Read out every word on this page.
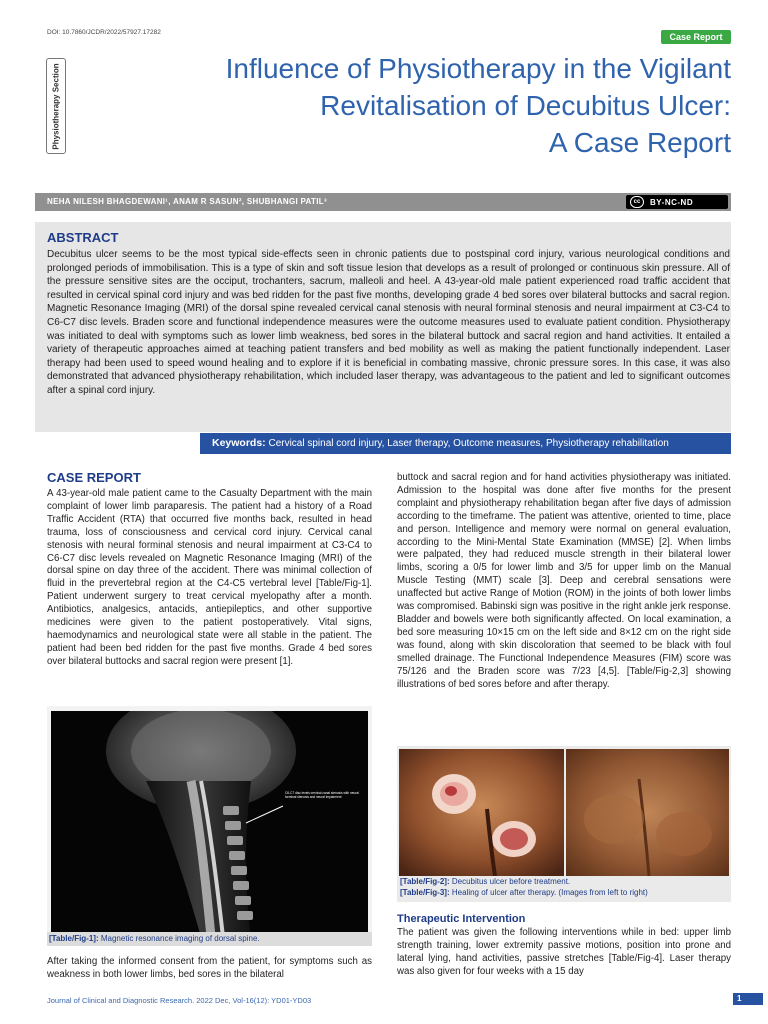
DOI: 10.7860/JCDR/2022/57927.17282	Case Report
Physiotherapy Section	Influence of Physiotherapy in the Vigilant
Revitalisation of Decubitus Ulcer:
A Case Report
NEHA NILESH BHAGDEWANI¹, ANAM R SASUN², SHUBHANGI PATIL³	cc	BY-NC-ND
ABSTRACT
Decubitus ulcer seems to be the most typical side-effects seen in chronic patients due to postspinal cord injury, various neurological conditions and prolonged periods of immobilisation. This is a type of skin and soft tissue lesion that develops as a result of prolonged or continuous skin pressure. All of the pressure sensitive sites are the occiput, trochanters, sacrum, malleoli and heel. A 43-year-old male patient experienced road traffic accident that resulted in cervical spinal cord injury and was bed ridden for the past five months, developing grade 4 bed sores over bilateral buttocks and sacral region. Magnetic Resonance Imaging (MRI) of the dorsal spine revealed cervical canal stenosis with neural forminal stenosis and neural impairment at C3-C4 to C6-C7 disc levels. Braden score and functional independence measures were the outcome measures used to evaluate patient condition. Physiotherapy was initiated to deal with symptoms such as lower limb weakness, bed sores in the bilateral buttock and sacral region and hand activities. It entailed a variety of therapeutic approaches aimed at teaching patient transfers and bed mobility as well as making the patient functionally independent. Laser therapy had been used to speed wound healing and to explore if it is beneficial in combating massive, chronic pressure sores. In this case, it was also demonstrated that advanced physiotherapy rehabilitation, which included laser therapy, was advantageous to the patient and led to significant outcomes after a spinal cord injury.
Keywords: Cervical spinal cord injury, Laser therapy, Outcome measures, Physiotherapy rehabilitation
CASE REPORT

A 43-year-old male patient came to the Casualty Department with the main complaint of lower limb paraparesis. The patient had a history of a Road Traffic Accident (RTA) that occurred five months back, resulted in head trauma, loss of consciousness and cervical cord injury. Cervical canal stenosis with neural forminal stenosis and neural impairment at C3-C4 to C6-C7 disc levels revealed on Magnetic Resonance Imaging (MRI) of the dorsal spine on day three of the accident. There was minimal collection of fluid in the prevertebral region at the C4-C5 vertebral level [Table/Fig-1]. Patient underwent surgery to treat cervical myelopathy after a month. Antibiotics, analgesics, antacids, antiepileptics, and other supportive medicines were given to the patient postoperatively. Vital signs, haemodynamics and neurological state were all stable in the patient. The patient had been bed ridden for the past five months. Grade 4 bed sores over bilateral buttocks and sacral region were present [1].

C6-C7 disc levels cervical canal stenosis with neural forminal stenosis and neural impairment
[Table/Fig-1]: Magnetic resonance imaging of dorsal spine.

After taking the informed consent from the patient, for symptoms such as weakness in both lower limbs, bed sores in the bilateral

buttock and sacral region and for hand activities physiotherapy was initiated. Admission to the hospital was done after five months for the present complaint and physiotherapy rehabilitation began after five days of admission according to the timeframe. The patient was attentive, oriented to time, place and person. Intelligence and memory were normal on general evaluation, according to the Mini-Mental State Examination (MMSE) [2]. When limbs were palpated, they had reduced muscle strength in their bilateral lower limbs, scoring a 0/5 for lower limb and 3/5 for upper limb on the Manual Muscle Testing (MMT) scale [3]. Deep and cerebral sensations were unaffected but active Range of Motion (ROM) in the joints of both lower limbs was compromised. Babinski sign was positive in the right ankle jerk response. Bladder and bowels were both significantly affected. On local examination, a bed sore measuring 10×15 cm on the left side and 8×12 cm on the right side was found, along with skin discoloration that seemed to be black with foul smelled drainage. The Functional Independence Measures (FIM) score was 75/126 and the Braden score was 7/23 [4,5]. [Table/Fig-2,3] showing illustrations of bed sores before and after therapy.

[Table/Fig-2]: Decubitus ulcer before treatment.
[Table/Fig-3]: Healing of ulcer after therapy. (Images from left to right)
Therapeutic Intervention

The patient was given the following interventions while in bed: upper limb strength training, lower extremity passive motions, position into prone and lateral lying, hand activities, passive stretches [Table/Fig-4]. Laser therapy was also given for four weeks with a 15 day

Journal of Clinical and Diagnostic Research. 2022 Dec, Vol-16(12): YD01-YD03	1
